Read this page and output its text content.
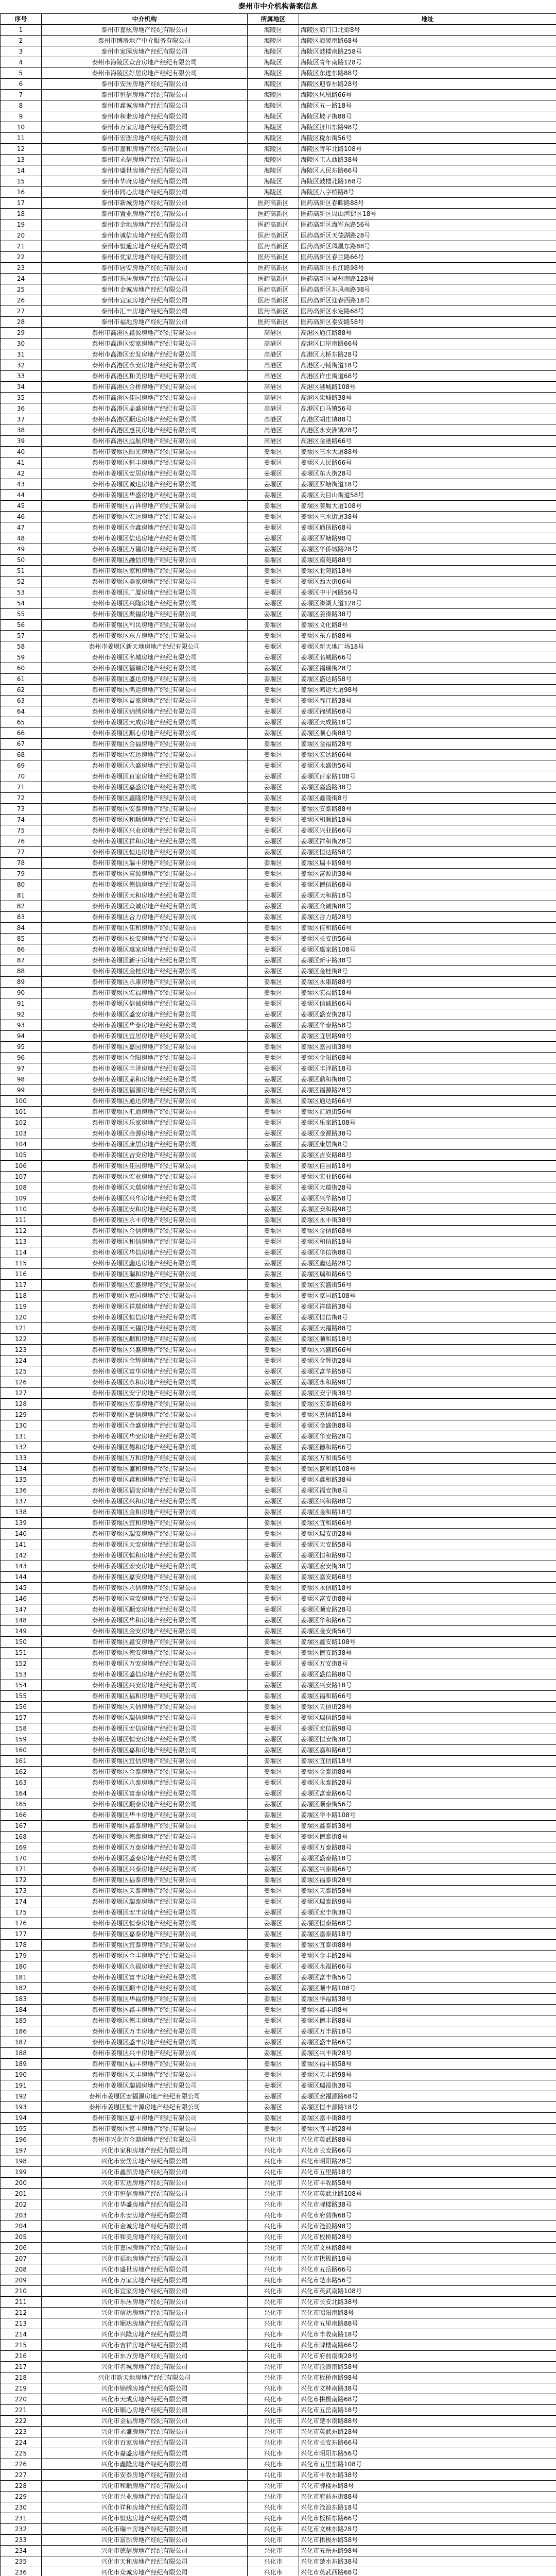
泰州市中介机构备案信息
序号	中介机构	所属地区	地址
1	泰州市嘉炫房地产经纪有限公司	海陵区	海陵区海门口北街8号
2	泰州市博房地产中介服务有限公司	海陵区	海陵区海陵南路68号
3	泰州市家园房地产经纪有限公司	海陵区	海陵区鼓楼南路258号
4	泰州市海陵区众合房地产经纪有限公司	海陵区	海陵区青年南路128号
5	泰州市海陵区好居房地产经纪有限公司	海陵区	海陵区东进东路88号
6	泰州市安居房地产经纪有限公司	海陵区	海陵区迎春东路28号
7	泰州市恒信房地产经纪有限公司	海陵区	海陵区凤凰路66号
8	泰州市鑫诚房地产经纪有限公司	海陵区	海陵区五一路18号
9	泰州市和谐房地产经纪有限公司	海陵区	海陵区坡子街88号
10	泰州市万家房地产经纪有限公司	海陵区	海陵区济川东路98号
11	泰州市宏图房地产经纪有限公司	海陵区	海陵区税东街56号
12	泰州市嘉和房地产经纪有限公司	海陵区	海陵区青年北路108号
13	泰州市永信房地产经纪有限公司	海陵区	海陵区工人西路38号
14	泰州市盛世房地产经纪有限公司	海陵区	海陵区人民东路66号
15	泰州市华府房地产经纪有限公司	海陵区	海陵区鼓楼北路168号
16	泰州市同心房地产经纪有限公司	海陵区	海陵区八字桥路8号
17	泰州市新城房地产经纪有限公司	医药高新区	医药高新区春晖路88号
18	泰州市置业房地产经纪有限公司	医药高新区	医药高新区周山河街区18号
19	泰州市金地房地产经纪有限公司	医药高新区	医药高新区海军东路56号
20	泰州市诚信房地产经纪有限公司	医药高新区	医药高新区天德湖路28号
21	泰州市恒通房地产经纪有限公司	医药高新区	医药高新区凤凰东路88号
22	泰州市优家房地产经纪有限公司	医药高新区	医药高新区春兰路66号
23	泰州市居安房地产经纪有限公司	医药高新区	医药高新区长江路98号
24	泰州市乐居房地产经纪有限公司	医药高新区	医药高新区吴州南路128号
25	泰州市金诚房地产经纪有限公司	医药高新区	医药高新区东风南路38号
26	泰州市宜家房地产经纪有限公司	医药高新区	医药高新区迎春西路18号
27	泰州市汇丰房地产经纪有限公司	医药高新区	医药高新区永定路68号
28	泰州市福地房地产经纪有限公司	医药高新区	医药高新区泰安路58号
29	泰州市高港区鑫源房地产经纪有限公司	高港区	高港区通江路88号
30	泰州市高港区安家房地产经纪有限公司	高港区	高港区口岸南路66号
31	泰州市高港区宏发房地产经纪有限公司	高港区	高港区大桥东路28号
32	泰州市高港区永安房地产经纪有限公司	高港区	高港区刁铺街道18号
33	泰州市高港区和美房地产经纪有限公司	高港区	高港区许庄街道68号
34	泰州市高港区金桥房地产经纪有限公司	高港区	高港区港城路108号
35	泰州市高港区佳园房地产经纪有限公司	高港区	高港区柴墟路38号
36	泰州市高港区鼎盛房地产经纪有限公司	高港区	高港区白马镇56号
37	泰州市高港区顺达房地产经纪有限公司	高港区	高港区胡庄镇88号
38	泰州市高港区惠民房地产经纪有限公司	高港区	高港区永安洲镇28号
39	泰州市高港区远航房地产经纪有限公司	高港区	高港区金港路66号
40	泰州市姜堰区阳光房地产经纪有限公司	姜堰区	姜堰区三水大道88号
41	泰州市姜堰区恒丰房地产经纪有限公司	姜堰区	姜堰区人民路66号
42	泰州市姜堰区安居房地产经纪有限公司	姜堰区	姜堰区东大街28号
43	泰州市姜堰区诚达房地产经纪有限公司	姜堰区	姜堰区罗塘街道18号
44	泰州市姜堰区华盛房地产经纪有限公司	姜堰区	姜堰区天目山街道58号
45	泰州市姜堰区吉祥房地产经纪有限公司	姜堰区	姜堰区姜堰大道108号
46	泰州市姜堰区宏远房地产经纪有限公司	姜堰区	姜堰区三水街道38号
47	泰州市姜堰区金鑫房地产经纪有限公司	姜堰区	姜堰区通扬路68号
48	泰州市姜堰区信达房地产经纪有限公司	姜堰区	姜堰区罗塘路98号
49	泰州市姜堰区万福房地产经纪有限公司	姜堰区	姜堰区华侨城路28号
50	泰州市姜堰区融信房地产经纪有限公司	姜堰区	姜堰区南苑路88号
51	泰州市姜堰区家和房地产经纪有限公司	姜堰区	姜堰区北苑路18号
52	泰州市姜堰区美家房地产经纪有限公司	姜堰区	姜堰区西大街66号
53	泰州市姜堰区广厦房地产经纪有限公司	姜堰区	姜堰区中干河路56号
54	泰州市姜堰区兴隆房地产经纪有限公司	姜堰区	姜堰区溱湖大道128号
55	泰州市姜堰区聚福房地产经纪有限公司	姜堰区	姜堰区姜溱路38号
56	泰州市姜堰区利民房地产经纪有限公司	姜堰区	姜堰区文化路8号
57	泰州市姜堰区东方房地产经纪有限公司	姜堰区	姜堰区东方路88号
58	泰州市姜堰区新天地房地产经纪有限公司	姜堰区	姜堰区新天地广场18号
59	泰州市姜堰区名城房地产经纪有限公司	姜堰区	姜堰区名城路66号
60	泰州市姜堰区福瑞房地产经纪有限公司	姜堰区	姜堰区福瑞街28号
61	泰州市姜堰区盛达房地产经纪有限公司	姜堰区	姜堰区盛达路58号
62	泰州市姜堰区鸿运房地产经纪有限公司	姜堰区	姜堰区鸿运大道98号
63	泰州市姜堰区益家房地产经纪有限公司	姜堰区	姜堰区春江路38号
64	泰州市姜堰区锦绣房地产经纪有限公司	姜堰区	姜堰区锦绣路68号
65	泰州市姜堰区天成房地产经纪有限公司	姜堰区	姜堰区天成路18号
66	泰州市姜堰区顺心房地产经纪有限公司	姜堰区	姜堰区顺心街88号
67	泰州市姜堰区金福房地产经纪有限公司	姜堰区	姜堰区金福路28号
68	泰州市姜堰区宏达房地产经纪有限公司	姜堰区	姜堰区宏达路66号
69	泰州市姜堰区永盛房地产经纪有限公司	姜堰区	姜堰区永盛街56号
70	泰州市姜堰区百家房地产经纪有限公司	姜堰区	姜堰区百家路108号
71	泰州市姜堰区嘉盛房地产经纪有限公司	姜堰区	姜堰区嘉盛路38号
72	泰州市姜堰区鑫隆房地产经纪有限公司	姜堰区	姜堰区鑫隆街8号
73	泰州市姜堰区安泰房地产经纪有限公司	姜堰区	姜堰区安泰路88号
74	泰州市姜堰区和顺房地产经纪有限公司	姜堰区	姜堰区和顺路18号
75	泰州市姜堰区兴业房地产经纪有限公司	姜堰区	姜堰区兴业路66号
76	泰州市姜堰区祥和房地产经纪有限公司	姜堰区	姜堰区祥和街28号
77	泰州市姜堰区恒达房地产经纪有限公司	姜堰区	姜堰区恒达路58号
78	泰州市姜堰区瑞丰房地产经纪有限公司	姜堰区	姜堰区瑞丰路98号
79	泰州市姜堰区富源房地产经纪有限公司	姜堰区	姜堰区富源街38号
80	泰州市姜堰区德信房地产经纪有限公司	姜堰区	姜堰区德信路68号
81	泰州市姜堰区天和房地产经纪有限公司	姜堰区	姜堰区天和路18号
82	泰州市姜堰区众诚房地产经纪有限公司	姜堰区	姜堰区众诚街88号
83	泰州市姜堰区合力房地产经纪有限公司	姜堰区	姜堰区合力路28号
84	泰州市姜堰区佳和房地产经纪有限公司	姜堰区	姜堰区佳和路66号
85	泰州市姜堰区长安房地产经纪有限公司	姜堰区	姜堰区长安街56号
86	泰州市姜堰区惠家房地产经纪有限公司	姜堰区	姜堰区惠家路108号
87	泰州市姜堰区新宇房地产经纪有限公司	姜堰区	姜堰区新宇路38号
88	泰州市姜堰区金桂房地产经纪有限公司	姜堰区	姜堰区金桂街8号
89	泰州市姜堰区永康房地产经纪有限公司	姜堰区	姜堰区永康路88号
90	泰州市姜堰区宏福房地产经纪有限公司	姜堰区	姜堰区宏福路18号
91	泰州市姜堰区信诚房地产经纪有限公司	姜堰区	姜堰区信诚路66号
92	泰州市姜堰区盛安房地产经纪有限公司	姜堰区	姜堰区盛安街28号
93	泰州市姜堰区华泰房地产经纪有限公司	姜堰区	姜堰区华泰路58号
94	泰州市姜堰区宜居房地产经纪有限公司	姜堰区	姜堰区宜居路98号
95	泰州市姜堰区嘉园房地产经纪有限公司	姜堰区	姜堰区嘉园街38号
96	泰州市姜堰区金阳房地产经纪有限公司	姜堰区	姜堰区金阳路68号
97	泰州市姜堰区丰泽房地产经纪有限公司	姜堰区	姜堰区丰泽路18号
98	泰州市姜堰区鼎和房地产经纪有限公司	姜堰区	姜堰区鼎和街88号
99	泰州市姜堰区福源房地产经纪有限公司	姜堰区	姜堰区福源路28号
100	泰州市姜堰区通达房地产经纪有限公司	姜堰区	姜堰区通达路66号
101	泰州市姜堰区汇通房地产经纪有限公司	姜堰区	姜堰区汇通街56号
102	泰州市姜堰区乐家房地产经纪有限公司	姜堰区	姜堰区乐家路108号
103	泰州市姜堰区金源房地产经纪有限公司	姜堰区	姜堰区金源路38号
104	泰州市姜堰区康居房地产经纪有限公司	姜堰区	姜堰区康居街8号
105	泰州市姜堰区吉安房地产经纪有限公司	姜堰区	姜堰区吉安路88号
106	泰州市姜堰区佳园房地产经纪有限公司	姜堰区	姜堰区佳园路18号
107	泰州市姜堰区宏业房地产经纪有限公司	姜堰区	姜堰区宏业路66号
108	泰州市姜堰区天瑞房地产经纪有限公司	姜堰区	姜堰区天瑞街28号
109	泰州市姜堰区兴华房地产经纪有限公司	姜堰区	姜堰区兴华路58号
110	泰州市姜堰区安和房地产经纪有限公司	姜堰区	姜堰区安和路98号
111	泰州市姜堰区永丰房地产经纪有限公司	姜堰区	姜堰区永丰街38号
112	泰州市姜堰区金信房地产经纪有限公司	姜堰区	姜堰区金信路68号
113	泰州市姜堰区和信房地产经纪有限公司	姜堰区	姜堰区和信路18号
114	泰州市姜堰区华信房地产经纪有限公司	姜堰区	姜堰区华信街88号
115	泰州市姜堰区鑫达房地产经纪有限公司	姜堰区	姜堰区鑫达路28号
116	泰州市姜堰区瑞和房地产经纪有限公司	姜堰区	姜堰区瑞和路66号
117	泰州市姜堰区宏盛房地产经纪有限公司	姜堰区	姜堰区宏盛街56号
118	泰州市姜堰区家园房地产经纪有限公司	姜堰区	姜堰区家园路108号
119	泰州市姜堰区祥瑞房地产经纪有限公司	姜堰区	姜堰区祥瑞路38号
120	泰州市姜堰区恒信房地产经纪有限公司	姜堰区	姜堰区恒信街8号
121	泰州市姜堰区天福房地产经纪有限公司	姜堰区	姜堰区天福路88号
122	泰州市姜堰区顺和房地产经纪有限公司	姜堰区	姜堰区顺和路18号
123	泰州市姜堰区兴盛房地产经纪有限公司	姜堰区	姜堰区兴盛路66号
124	泰州市姜堰区金辉房地产经纪有限公司	姜堰区	姜堰区金辉街28号
125	泰州市姜堰区富华房地产经纪有限公司	姜堰区	姜堰区富华路58号
126	泰州市姜堰区永和房地产经纪有限公司	姜堰区	姜堰区永和路98号
127	泰州市姜堰区安宁房地产经纪有限公司	姜堰区	姜堰区安宁街38号
128	泰州市姜堰区宏泰房地产经纪有限公司	姜堰区	姜堰区宏泰路68号
129	泰州市姜堰区嘉信房地产经纪有限公司	姜堰区	姜堰区嘉信路18号
130	泰州市姜堰区金盛房地产经纪有限公司	姜堰区	姜堰区金盛街88号
131	泰州市姜堰区华安房地产经纪有限公司	姜堰区	姜堰区华安路28号
132	泰州市姜堰区德和房地产经纪有限公司	姜堰区	姜堰区德和路66号
133	泰州市姜堰区万和房地产经纪有限公司	姜堰区	姜堰区万和街56号
134	泰州市姜堰区盛和房地产经纪有限公司	姜堰区	姜堰区盛和路108号
135	泰州市姜堰区鑫和房地产经纪有限公司	姜堰区	姜堰区鑫和路38号
136	泰州市姜堰区福安房地产经纪有限公司	姜堰区	姜堰区福安街8号
137	泰州市姜堰区兴和房地产经纪有限公司	姜堰区	姜堰区兴和路88号
138	泰州市姜堰区金和房地产经纪有限公司	姜堰区	姜堰区金和路18号
139	泰州市姜堰区宜和房地产经纪有限公司	姜堰区	姜堰区宜和路66号
140	泰州市姜堰区瑞安房地产经纪有限公司	姜堰区	姜堰区瑞安街28号
141	泰州市姜堰区天安房地产经纪有限公司	姜堰区	姜堰区天安路58号
142	泰州市姜堰区恒和房地产经纪有限公司	姜堰区	姜堰区恒和路98号
143	泰州市姜堰区宏安房地产经纪有限公司	姜堰区	姜堰区宏安街38号
144	泰州市姜堰区嘉安房地产经纪有限公司	姜堰区	姜堰区嘉安路68号
145	泰州市姜堰区永信房地产经纪有限公司	姜堰区	姜堰区永信路18号
146	泰州市姜堰区富安房地产经纪有限公司	姜堰区	姜堰区富安街88号
147	泰州市姜堰区顺安房地产经纪有限公司	姜堰区	姜堰区顺安路28号
148	泰州市姜堰区华和房地产经纪有限公司	姜堰区	姜堰区华和路66号
149	泰州市姜堰区金安房地产经纪有限公司	姜堰区	姜堰区金安街56号
150	泰州市姜堰区鑫安房地产经纪有限公司	姜堰区	姜堰区鑫安路108号
151	泰州市姜堰区德安房地产经纪有限公司	姜堰区	姜堰区德安路38号
152	泰州市姜堰区万安房地产经纪有限公司	姜堰区	姜堰区万安街8号
153	泰州市姜堰区盛信房地产经纪有限公司	姜堰区	姜堰区盛信路88号
154	泰州市姜堰区兴安房地产经纪有限公司	姜堰区	姜堰区兴安路18号
155	泰州市姜堰区福和房地产经纪有限公司	姜堰区	姜堰区福和路66号
156	泰州市姜堰区天信房地产经纪有限公司	姜堰区	姜堰区天信街28号
157	泰州市姜堰区瑞信房地产经纪有限公司	姜堰区	姜堰区瑞信路58号
158	泰州市姜堰区宏信房地产经纪有限公司	姜堰区	姜堰区宏信路98号
159	泰州市姜堰区恒安房地产经纪有限公司	姜堰区	姜堰区恒安街38号
160	泰州市姜堰区嘉和房地产经纪有限公司	姜堰区	姜堰区嘉和路68号
161	泰州市姜堰区宜信房地产经纪有限公司	姜堰区	姜堰区宜信路18号
162	泰州市姜堰区金泰房地产经纪有限公司	姜堰区	姜堰区金泰街88号
163	泰州市姜堰区永泰房地产经纪有限公司	姜堰区	姜堰区永泰路28号
164	泰州市姜堰区富泰房地产经纪有限公司	姜堰区	姜堰区富泰路66号
165	泰州市姜堰区顺泰房地产经纪有限公司	姜堰区	姜堰区顺泰街56号
166	泰州市姜堰区华丰房地产经纪有限公司	姜堰区	姜堰区华丰路108号
167	泰州市姜堰区鑫泰房地产经纪有限公司	姜堰区	姜堰区鑫泰路38号
168	泰州市姜堰区德泰房地产经纪有限公司	姜堰区	姜堰区德泰街8号
169	泰州市姜堰区万泰房地产经纪有限公司	姜堰区	姜堰区万泰路88号
170	泰州市姜堰区盛泰房地产经纪有限公司	姜堰区	姜堰区盛泰路18号
171	泰州市姜堰区兴泰房地产经纪有限公司	姜堰区	姜堰区兴泰路66号
172	泰州市姜堰区福泰房地产经纪有限公司	姜堰区	姜堰区福泰街28号
173	泰州市姜堰区天泰房地产经纪有限公司	姜堰区	姜堰区天泰路58号
174	泰州市姜堰区瑞泰房地产经纪有限公司	姜堰区	姜堰区瑞泰路98号
175	泰州市姜堰区宏丰房地产经纪有限公司	姜堰区	姜堰区宏丰街38号
176	泰州市姜堰区恒泰房地产经纪有限公司	姜堰区	姜堰区恒泰路68号
177	泰州市姜堰区嘉泰房地产经纪有限公司	姜堰区	姜堰区嘉泰路18号
178	泰州市姜堰区宜泰房地产经纪有限公司	姜堰区	姜堰区宜泰街88号
179	泰州市姜堰区金丰房地产经纪有限公司	姜堰区	姜堰区金丰路28号
180	泰州市姜堰区永福房地产经纪有限公司	姜堰区	姜堰区永福路66号
181	泰州市姜堰区富丰房地产经纪有限公司	姜堰区	姜堰区富丰街56号
182	泰州市姜堰区顺丰房地产经纪有限公司	姜堰区	姜堰区顺丰路108号
183	泰州市姜堰区华福房地产经纪有限公司	姜堰区	姜堰区华福路38号
184	泰州市姜堰区鑫丰房地产经纪有限公司	姜堰区	姜堰区鑫丰街8号
185	泰州市姜堰区德丰房地产经纪有限公司	姜堰区	姜堰区德丰路88号
186	泰州市姜堰区万丰房地产经纪有限公司	姜堰区	姜堰区万丰路18号
187	泰州市姜堰区盛丰房地产经纪有限公司	姜堰区	姜堰区盛丰路66号
188	泰州市姜堰区兴丰房地产经纪有限公司	姜堰区	姜堰区兴丰街28号
189	泰州市姜堰区福丰房地产经纪有限公司	姜堰区	姜堰区福丰路58号
190	泰州市姜堰区天丰房地产经纪有限公司	姜堰区	姜堰区天丰路98号
191	泰州市姜堰区瑞福房地产经纪有限公司	姜堰区	姜堰区瑞福街38号
192	泰州市姜堰区宏福源房地产经纪有限公司	姜堰区	姜堰区宏福源路68号
193	泰州市姜堰区恒丰源房地产经纪有限公司	姜堰区	姜堰区恒丰源路18号
194	泰州市姜堰区嘉丰房地产经纪有限公司	姜堰区	姜堰区嘉丰街88号
195	泰州市姜堰区宜丰房地产经纪有限公司	姜堰区	姜堰区宜丰路28号
196	泰州市兴化市金鼎房地产经纪有限公司	兴化市	兴化市英武路88号
197	兴化市家和房地产经纪有限公司	兴化市	兴化市长安路66号
198	兴化市安居房地产经纪有限公司	兴化市	兴化市昭阳路28号
199	兴化市鑫源房地产经纪有限公司	兴化市	兴化市五里路18号
200	兴化市宏达房地产经纪有限公司	兴化市	兴化市丰收路58号
201	兴化市恒信房地产经纪有限公司	兴化市	兴化市英武北路108号
202	兴化市华盛房地产经纪有限公司	兴化市	兴化市牌楼路38号
203	兴化市永安房地产经纪有限公司	兴化市	兴化市府前街68号
204	兴化市金诚房地产经纪有限公司	兴化市	兴化市沧浪路98号
205	兴化市和美房地产经纪有限公司	兴化市	兴化市板桥路28号
206	兴化市嘉园房地产经纪有限公司	兴化市	兴化市文林路88号
207	兴化市福地房地产经纪有限公司	兴化市	兴化市拱极路18号
208	兴化市盛世房地产经纪有限公司	兴化市	兴化市五岳路66号
209	兴化市万家房地产经纪有限公司	兴化市	兴化市楚水路56号
210	兴化市宜家房地产经纪有限公司	兴化市	兴化市英武南路108号
211	兴化市乐居房地产经纪有限公司	兴化市	兴化市长安北路38号
212	兴化市信达房地产经纪有限公司	兴化市	兴化市昭阳南路8号
213	兴化市顺达房地产经纪有限公司	兴化市	兴化市五里南路88号
214	兴化市兴隆房地产经纪有限公司	兴化市	兴化市丰收南路18号
215	兴化市吉祥房地产经纪有限公司	兴化市	兴化市牌楼南路66号
216	兴化市东方房地产经纪有限公司	兴化市	兴化市府前南街28号
217	兴化市名城房地产经纪有限公司	兴化市	兴化市沧浪南路58号
218	兴化市新天地房地产经纪有限公司	兴化市	兴化市板桥南路98号
219	兴化市锦绣房地产经纪有限公司	兴化市	兴化市文林南路38号
220	兴化市天成房地产经纪有限公司	兴化市	兴化市拱极南路68号
221	兴化市顺心房地产经纪有限公司	兴化市	兴化市五岳南路18号
222	兴化市金福房地产经纪有限公司	兴化市	兴化市楚水南路88号
223	兴化市永盛房地产经纪有限公司	兴化市	兴化市英武东路28号
224	兴化市百家房地产经纪有限公司	兴化市	兴化市长安东路66号
225	兴化市嘉盛房地产经纪有限公司	兴化市	兴化市昭阳东路56号
226	兴化市鑫隆房地产经纪有限公司	兴化市	兴化市五里东路108号
227	兴化市安泰房地产经纪有限公司	兴化市	兴化市丰收东路38号
228	兴化市和顺房地产经纪有限公司	兴化市	兴化市牌楼东路8号
229	兴化市兴业房地产经纪有限公司	兴化市	兴化市府前东街88号
230	兴化市祥和房地产经纪有限公司	兴化市	兴化市沧浪东路18号
231	兴化市恒达房地产经纪有限公司	兴化市	兴化市板桥东路66号
232	兴化市瑞丰房地产经纪有限公司	兴化市	兴化市文林东路28号
233	兴化市富源房地产经纪有限公司	兴化市	兴化市拱极东路58号
234	兴化市德信房地产经纪有限公司	兴化市	兴化市五岳东路98号
235	兴化市天和房地产经纪有限公司	兴化市	兴化市楚水东路38号
236	兴化市众诚房地产经纪有限公司	兴化市	兴化市英武西路68号
